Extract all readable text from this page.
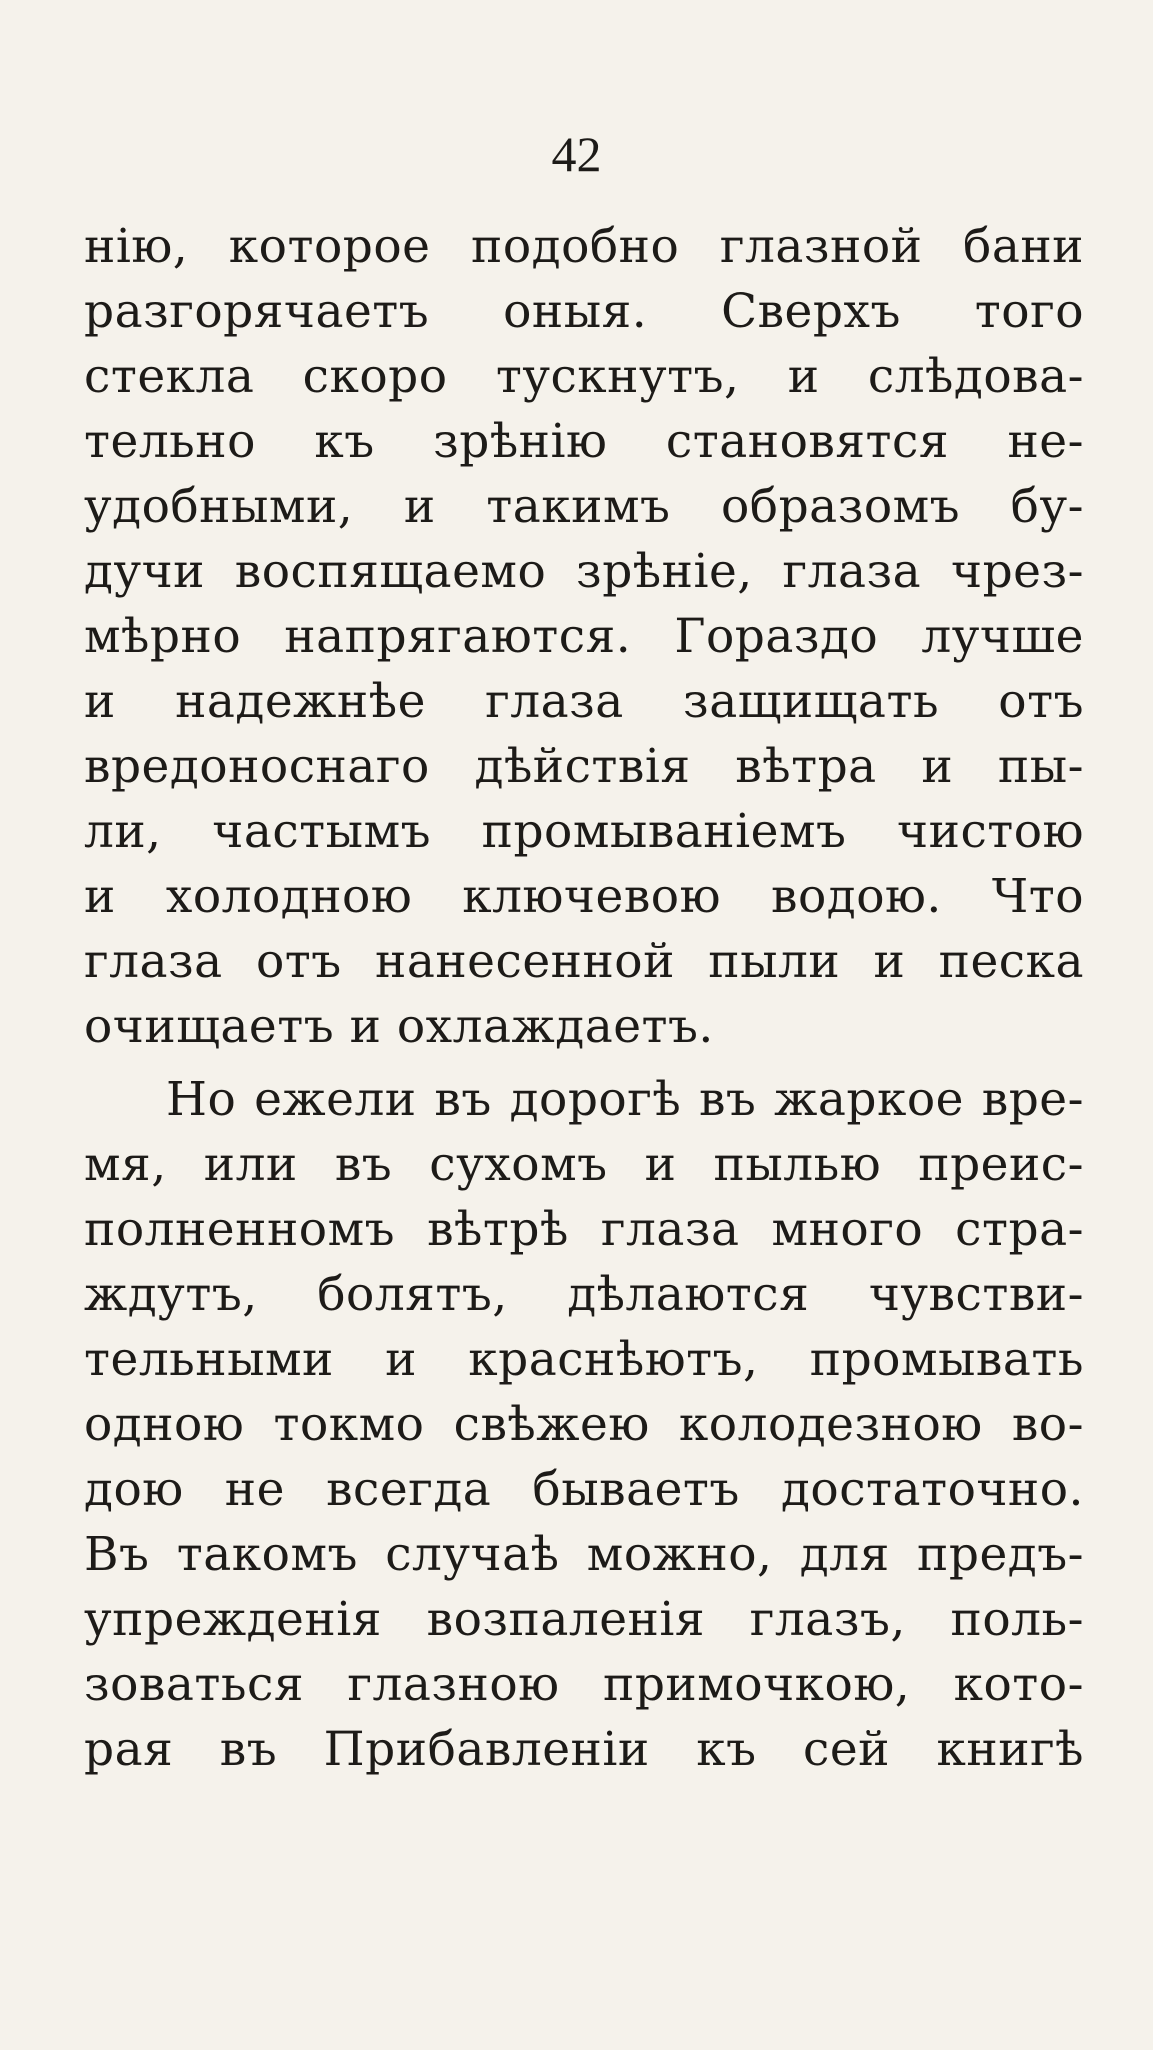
42
нію, которое подобно глазной бани
разгорячаетъ оныя. Сверхъ того
стекла скоро тускнутъ, и слѣдова-
тельно къ зрѣнію становятся не-
удобными, и такимъ образомъ бу-
дучи воспящаемо зрѣніе, глаза чрез-
мѣрно напрягаются. Гораздо лучше
и надежнѣе глаза защищать отъ
вредоноснаго дѣйствія вѣтра и пы-
ли, частымъ промываніемъ чистою
и холодною ключевою водою. Что
глаза отъ нанесенной пыли и песка
очищаетъ и охлаждаетъ.
Но ежели въ дорогѣ въ жаркое вре-
мя, или въ сухомъ и пылью преис-
полненномъ вѣтрѣ глаза много стра-
ждутъ, болятъ, дѣлаются чувстви-
тельными и краснѣютъ, промывать
одною токмо свѣжею колодезною во-
дою не всегда бываетъ достаточно.
Въ такомъ случаѣ можно, для предъ-
упрежденія возпаленія глазъ, поль-
зоваться глазною примочкою, кото-
рая въ Прибавленіи къ сей книгѣ
